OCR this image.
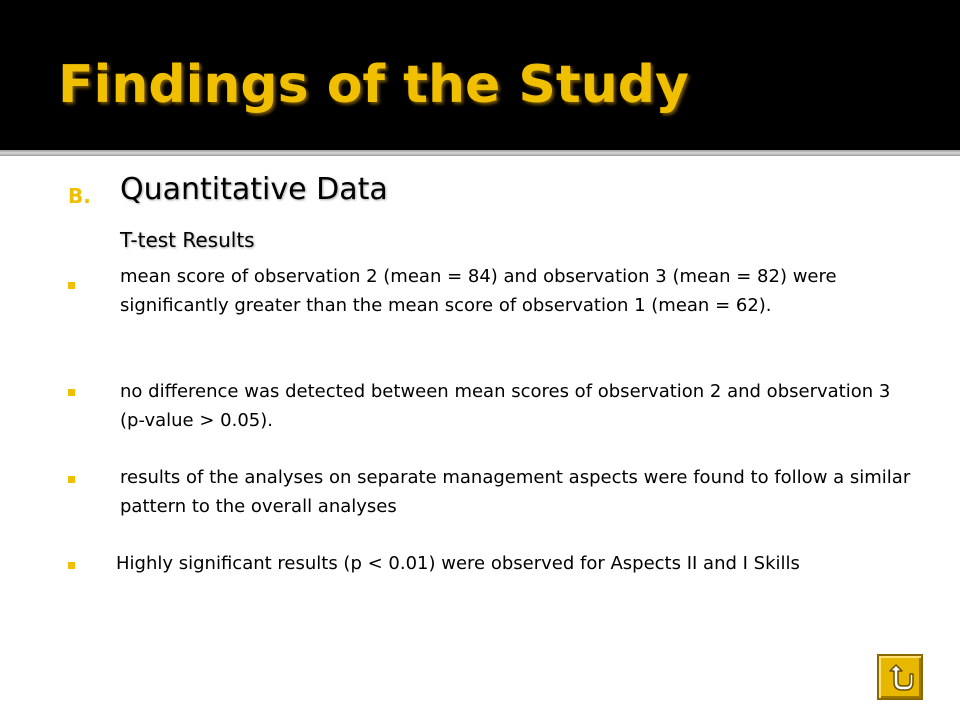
Findings of the Study
B. Quantitative Data
T-test Results
mean score of observation 2 (mean = 84) and observation 3 (mean = 82) were significantly greater than the mean score of observation 1 (mean = 62).
no difference was detected between mean scores of observation 2 and observation 3 (p-value > 0.05).
results of the analyses on separate management aspects were found to follow a similar pattern to the overall analyses
Highly significant results (p < 0.01) were observed for Aspects II and I Skills
